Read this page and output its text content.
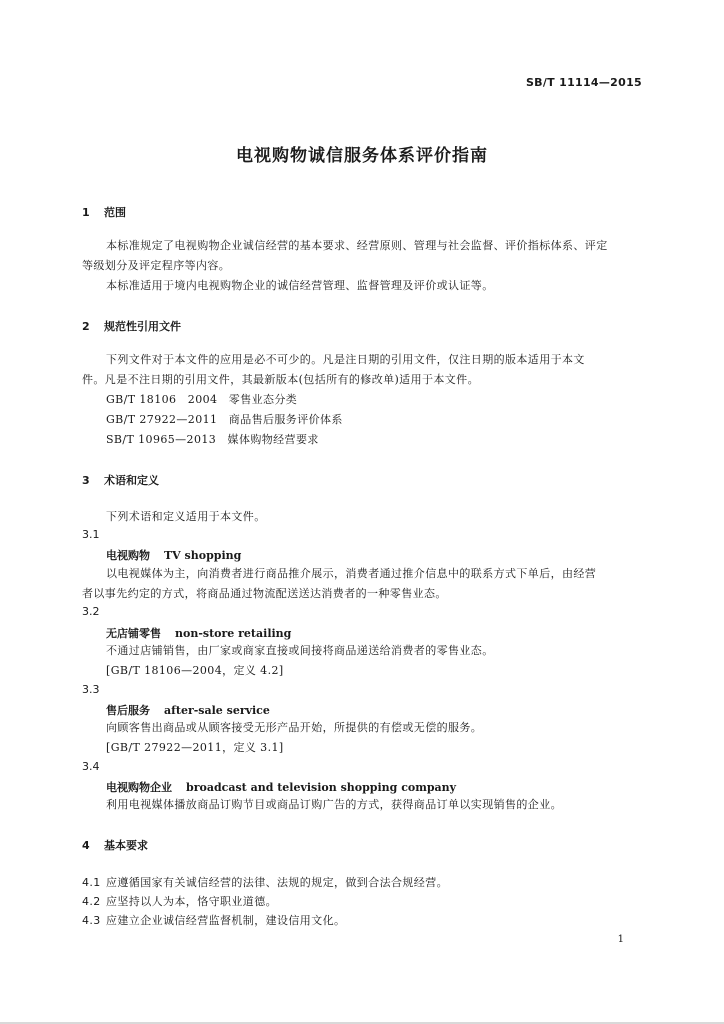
SB/T 11114—2015
电视购物诚信服务体系评价指南
1 范围
本标准规定了电视购物企业诚信经营的基本要求、经营原则、管理与社会监督、评价指标体系、评定
等级划分及评定程序等内容。
本标准适用于境内电视购物企业的诚信经营管理、监督管理及评价或认证等。
2 规范性引用文件
下列文件对于本文件的应用是必不可少的。凡是注日期的引用文件，仅注日期的版本适用于本文
件。凡是不注日期的引用文件，其最新版本(包括所有的修改单)适用于本文件。
GB/T 18106　2004　零售业态分类
GB/T 27922—2011　商品售后服务评价体系
SB/T 10965—2013　媒体购物经营要求
3 术语和定义
下列术语和定义适用于本文件。
3.1
电视购物 TV shopping
以电视媒体为主，向消费者进行商品推介展示，消费者通过推介信息中的联系方式下单后，由经营
者以事先约定的方式，将商品通过物流配送送达消费者的一种零售业态。
3.2
无店铺零售 non-store retailing
不通过店铺销售，由厂家或商家直接或间接将商品递送给消费者的零售业态。
[GB/T 18106—2004，定义 4.2]
3.3
售后服务 after-sale service
向顾客售出商品或从顾客接受无形产品开始，所提供的有偿或无偿的服务。
[GB/T 27922—2011，定义 3.1]
3.4
电视购物企业 broadcast and television shopping company
利用电视媒体播放商品订购节目或商品订购广告的方式，获得商品订单以实现销售的企业。
4 基本要求
4.1 应遵循国家有关诚信经营的法律、法规的规定，做到合法合规经营。
4.2 应坚持以人为本，恪守职业道德。
4.3 应建立企业诚信经营监督机制，建设信用文化。
1
